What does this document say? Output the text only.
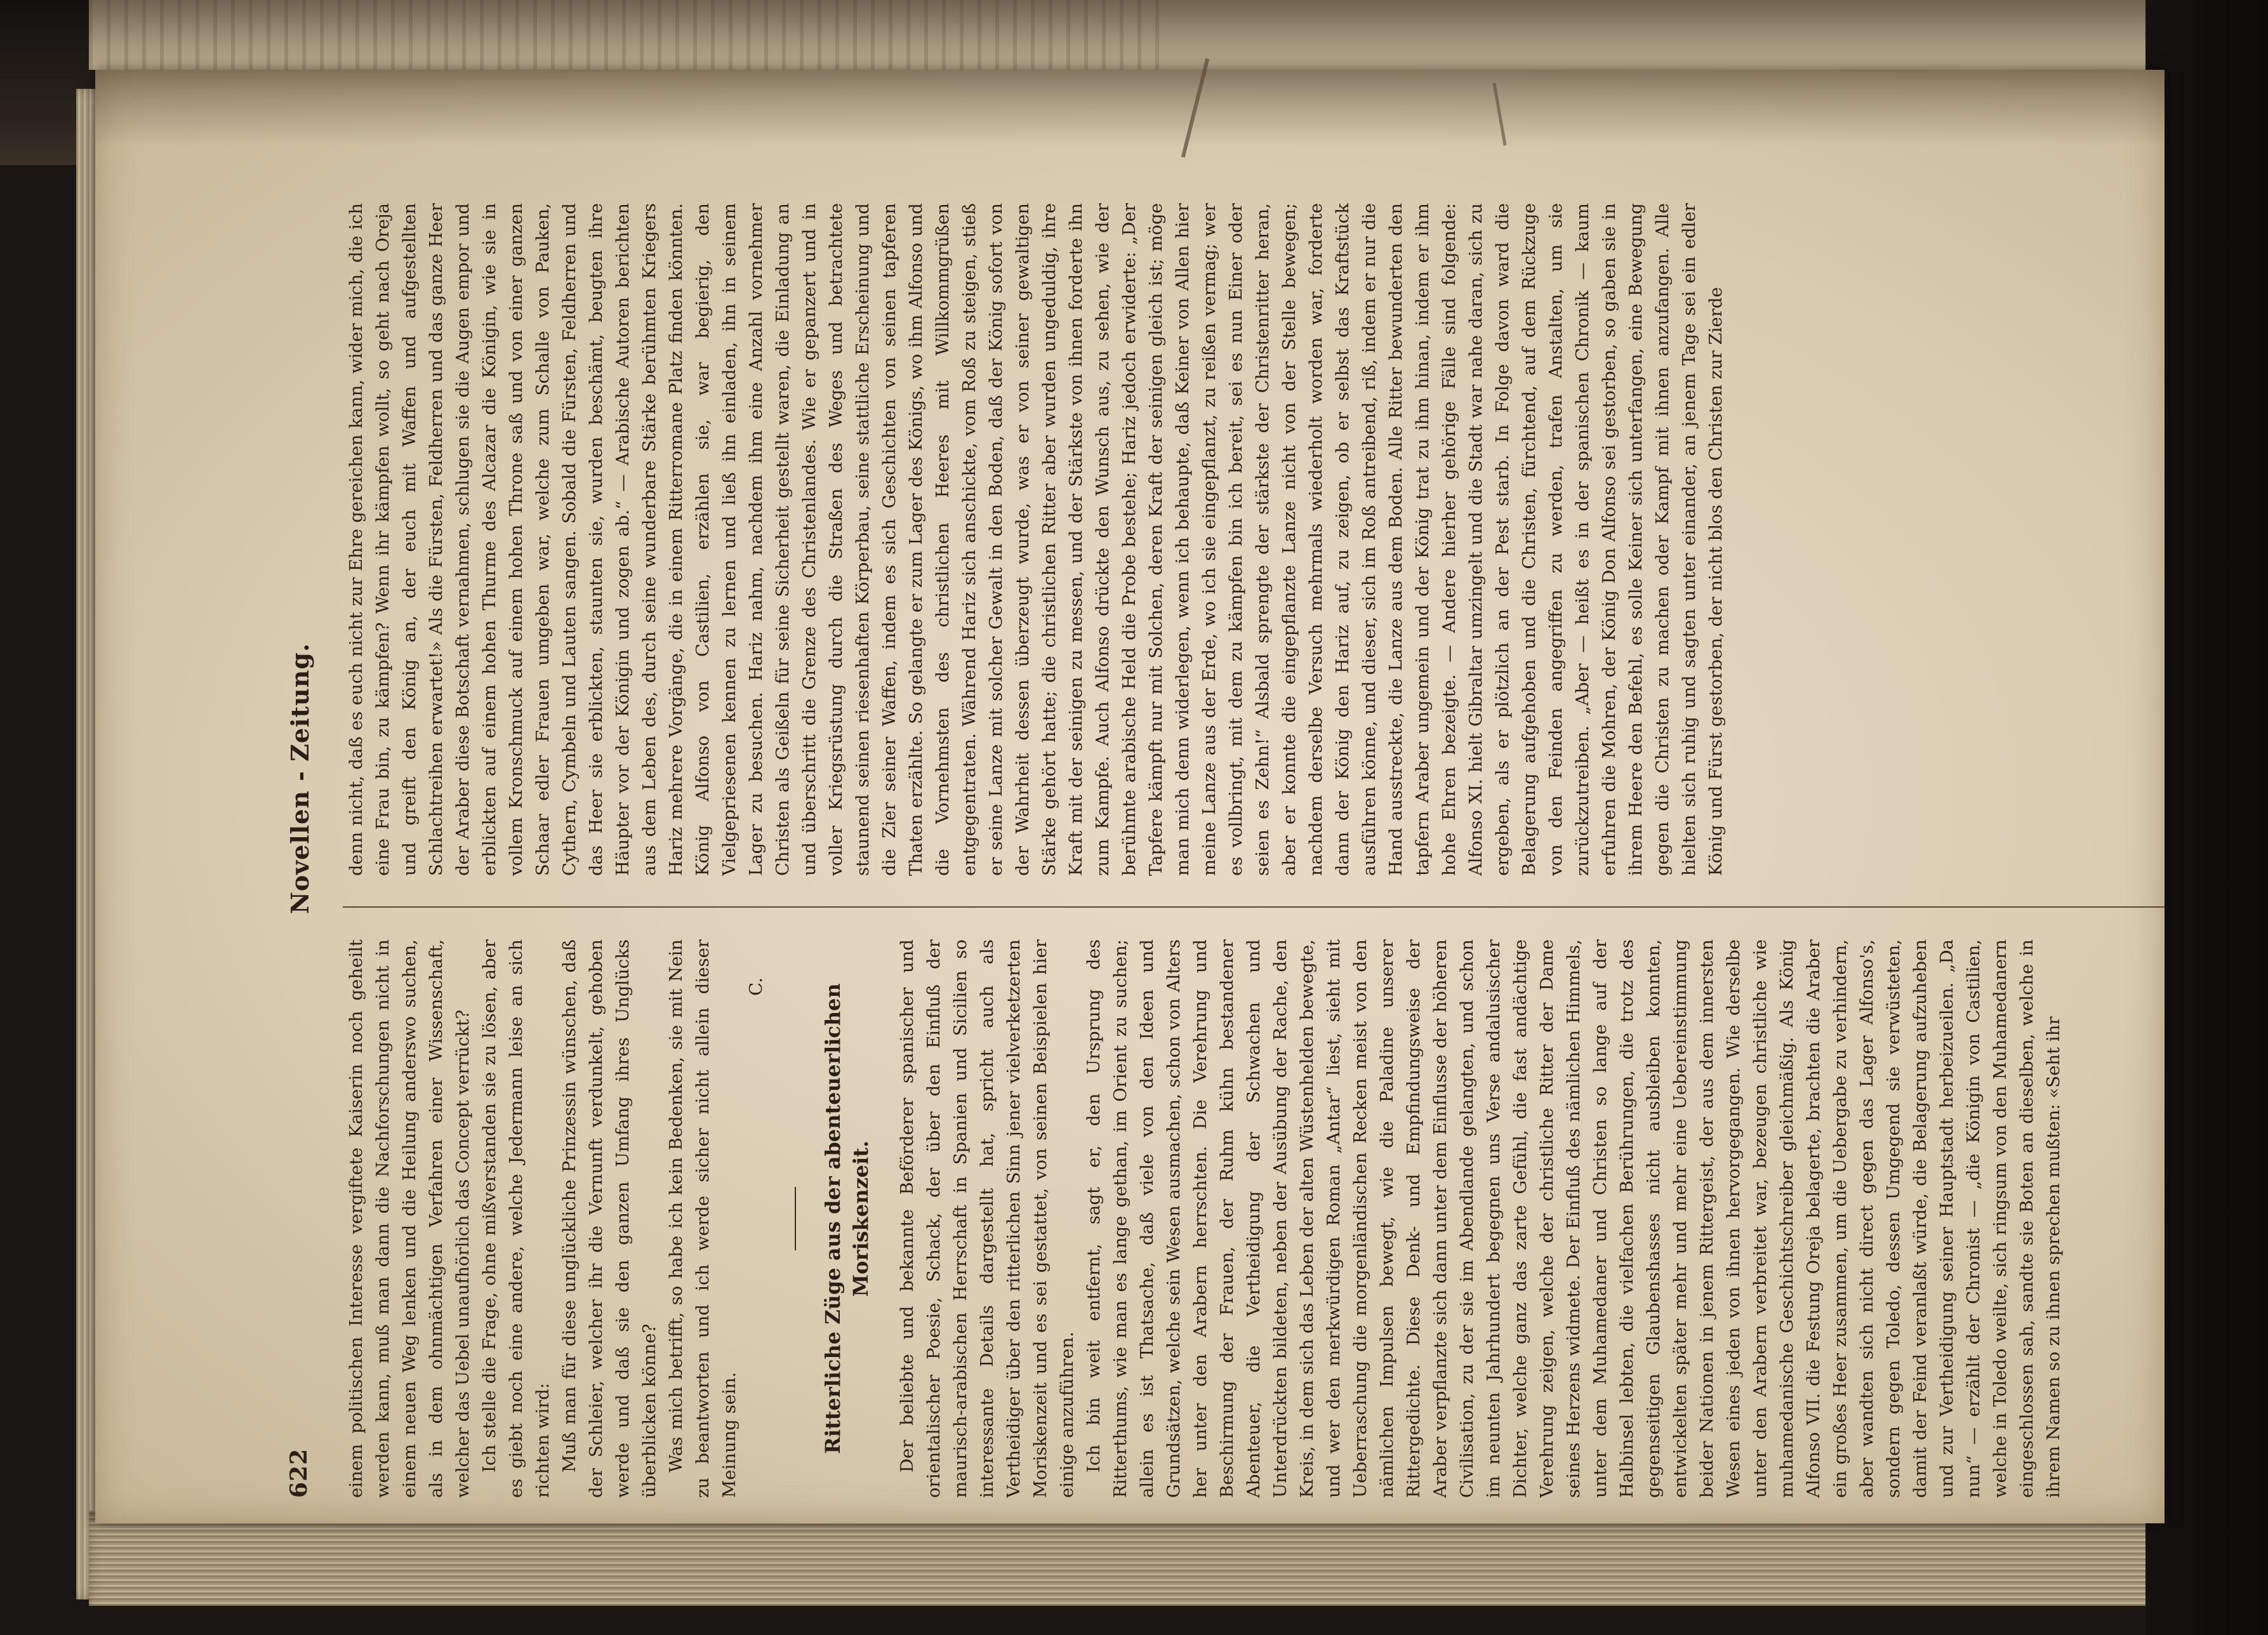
622
Novellen - Zeitung.

einem politischen Interesse vergiftete Kaiserin noch geheilt werden kann, muß man dann die Nachforschungen nicht in einem neuen Weg lenken und die Heilung anderswo suchen, als in dem ohnmächtigen Verfahren einer Wissenschaft, welcher das Uebel unaufhörlich das Concept verrückt? Ich stelle die Frage, ohne mißverstanden sie zu lösen, aber es giebt noch eine andere, welche Jedermann leise an sich richten wird: Muß man für diese unglückliche Prinzessin wünschen, daß der Schleier, welcher ihr die Vernunft verdunkelt, gehoben werde und daß sie den ganzen Umfang ihres Unglücks überblicken könne? Was mich betrifft, so habe ich kein Bedenken, sie mit Nein zu beantworten und ich werde sicher nicht allein dieser Meinung sein.

C.	Ritterliche Züge aus der abenteuerlichen Moriskenzeit. Der beliebte und bekannte Beförderer spanischer und orientalischer Poesie, Schack, der über den Einfluß der maurisch-arabischen Herrschaft in Spanien und Sicilien so interessante Details dargestellt hat, spricht auch als Vertheidiger über den ritterlichen Sinn jener vielverketzerten Moriskenzeit und es sei gestattet, von seinen Beispielen hier einige anzuführen. Ich bin weit entfernt, sagt er, den Ursprung des Ritterthums, wie man es lange gethan, im Orient zu suchen; allein es ist Thatsache, daß viele von den Ideen und Grundsätzen, welche sein Wesen ausmachen, schon von Alters her unter den Arabern herrschten. Die Verehrung und Beschirmung der Frauen, der Ruhm kühn bestandener Abenteuer, die Vertheidigung der Schwachen und Unterdrückten bildeten, neben der Ausübung der Rache, den Kreis, in dem sich das Leben der alten Wüstenhelden bewegte, und wer den merkwürdigen Roman „Antar“ liest, sieht mit Ueberraschung die morgenländischen Recken meist von den nämlichen Impulsen bewegt, wie die Paladine unserer Rittergedichte. Diese Denk- und Empfindungsweise der Araber verpflanzte sich dann unter dem Einflusse der höheren Civilisation, zu der sie im Abendlande gelangten, und schon im neunten Jahrhundert begegnen uns Verse andalusischer Dichter, welche ganz das zarte Gefühl, die fast andächtige Verehrung zeigen, welche der christliche Ritter der Dame seines Herzens widmete. Der Einfluß des nämlichen Himmels, unter dem Muhamedaner und Christen so lange auf der Halbinsel lebten, die vielfachen Berührungen, die trotz des gegenseitigen Glaubenshasses nicht ausbleiben konnten, entwickelten später mehr und mehr eine Uebereinstimmung beider Nationen in jenem Rittergeist, der aus dem innersten Wesen eines jeden von ihnen hervorgegangen. Wie derselbe unter den Arabern verbreitet war, bezeugen christliche wie muhamedanische Geschichtschreiber gleichmäßig. Als König Alfonso VII. die Festung Oreja belagerte, brachten die Araber ein großes Heer zusammen, um die Uebergabe zu verhindern, aber wandten sich nicht direct gegen das Lager Alfonso's, sondern gegen Toledo, dessen Umgegend sie verwüsteten, damit der Feind veranlaßt würde, die Belagerung aufzuheben und zur Vertheidigung seiner Hauptstadt herbeizueilen. „Da nun“ — erzählt der Chronist — „die Königin von Castilien, welche in Toledo weilte, sich ringsum von den Muhamedanern eingeschlossen sah, sandte sie Boten an dieselben, welche in ihrem Namen so zu ihnen sprechen mußten: «Seht ihr

denn nicht, daß es euch nicht zur Ehre gereichen kann, wider mich, die ich eine Frau bin, zu kämpfen? Wenn ihr kämpfen wollt, so geht nach Oreja und greift den König an, der euch mit Waffen und aufgestellten Schlachtreihen erwartet!» Als die Fürsten, Feldherren und das ganze Heer der Araber diese Botschaft vernahmen, schlugen sie die Augen empor und erblickten auf einem hohen Thurme des Alcazar die Königin, wie sie in vollem Kronschmuck auf einem hohen Throne saß und von einer ganzen Schaar edler Frauen umgeben war, welche zum Schalle von Pauken, Cythern, Cymbeln und Lauten sangen. Sobald die Fürsten, Feldherren und das Heer sie erblickten, staunten sie, wurden beschämt, beugten ihre Häupter vor der Königin und zogen ab.“ — Arabische Autoren berichten aus dem Leben des, durch seine wunderbare Stärke berühmten Kriegers Hariz mehrere Vorgänge, die in einem Ritterromane Platz finden könnten. König Alfonso von Castilien, erzählen sie, war begierig, den Vielgepriesenen kennen zu lernen und ließ ihn einladen, ihn in seinem Lager zu besuchen. Hariz nahm, nachdem ihm eine Anzahl vornehmer Christen als Geißeln für seine Sicherheit gestellt waren, die Einladung an und überschritt die Grenze des Christenlandes. Wie er gepanzert und in voller Kriegsrüstung durch die Straßen des Weges und betrachtete staunend seinen riesenhaften Körperbau, seine stattliche Erscheinung und die Zier seiner Waffen, indem es sich Geschichten von seinen tapferen Thaten erzählte. So gelangte er zum Lager des Königs, wo ihm Alfonso und die Vornehmsten des christlichen Heeres mit Willkommgrüßen entgegentraten. Während Hariz sich anschickte, vom Roß zu steigen, stieß er seine Lanze mit solcher Gewalt in den Boden, daß der König sofort von der Wahrheit dessen überzeugt wurde, was er von seiner gewaltigen Stärke gehört hatte; die christlichen Ritter aber wurden ungeduldig, ihre Kraft mit der seinigen zu messen, und der Stärkste von ihnen forderte ihn zum Kampfe. Auch Alfonso drückte den Wunsch aus, zu sehen, wie der berühmte arabische Held die Probe bestehe; Hariz jedoch erwiderte: „Der Tapfere kämpft nur mit Solchen, deren Kraft der seinigen gleich ist; möge man mich denn widerlegen, wenn ich behaupte, daß Keiner von Allen hier meine Lanze aus der Erde, wo ich sie eingepflanzt, zu reißen vermag; wer es vollbringt, mit dem zu kämpfen bin ich bereit, sei es nun Einer oder seien es Zehn!“ Alsbald sprengte der stärkste der Christenritter heran, aber er konnte die eingepflanzte Lanze nicht von der Stelle bewegen; nachdem derselbe Versuch mehrmals wiederholt worden war, forderte dann der König den Hariz auf, zu zeigen, ob er selbst das Kraftstück ausführen könne, und dieser, sich im Roß antreibend, riß, indem er nur die Hand ausstreckte, die Lanze aus dem Boden. Alle Ritter bewunderten den tapfern Araber ungemein und der König trat zu ihm hinan, indem er ihm hohe Ehren bezeigte. — Andere hierher gehörige Fälle sind folgende: Alfonso XI. hielt Gibraltar umzingelt und die Stadt war nahe daran, sich zu ergeben, als er plötzlich an der Pest starb. In Folge davon ward die Belagerung aufgehoben und die Christen, fürchtend, auf dem Rückzuge von den Feinden angegriffen zu werden, trafen Anstalten, um sie zurückzutreiben. „Aber — heißt es in der spanischen Chronik — kaum erfuhren die Mohren, der König Don Alfonso sei gestorben, so gaben sie in ihrem Heere den Befehl, es solle Keiner sich unterfangen, eine Bewegung gegen die Christen zu machen oder Kampf mit ihnen anzufangen. Alle hielten sich ruhig und sagten unter einander, an jenem Tage sei ein edler König und Fürst gestorben, der nicht blos den Christen zur Zierde
